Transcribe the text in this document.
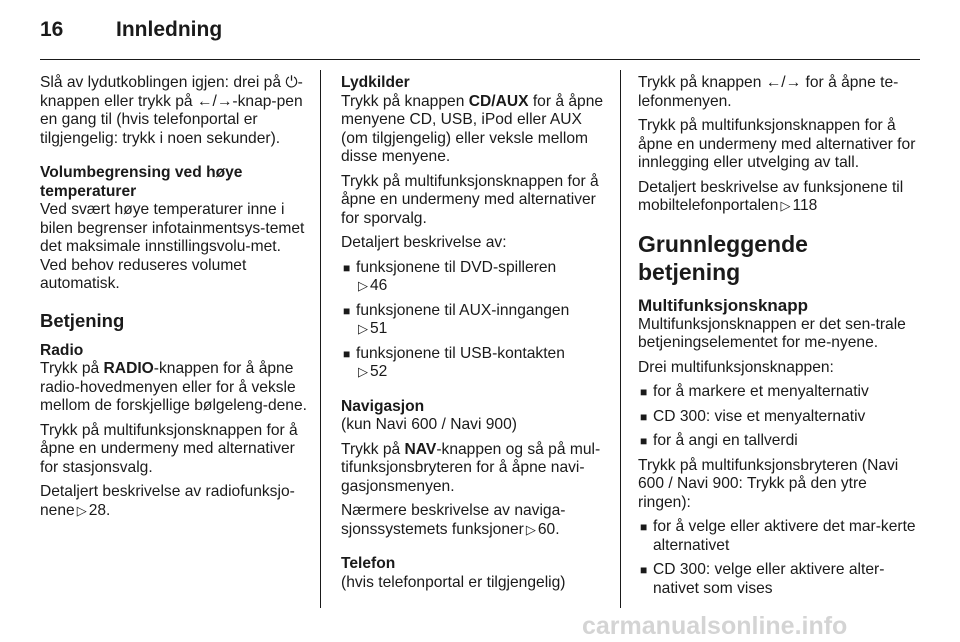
16	Innledning

Slå av lydutkoblingen igjen: drei på ⏻-knappen eller trykk på ←/→-knap-pen en gang til (hvis telefonportal er tilgjengelig: trykk i noen sekunder).

Volumbegrensing ved høye temperaturer

Ved svært høye temperaturer inne i bilen begrenser infotainmentsys-temet det maksimale innstillingsvolu-met. Ved behov reduseres volumet automatisk.

Betjening
Radio

Trykk på RADIO-knappen for å åpne radio-hovedmenyen eller for å veksle mellom de forskjellige bølgeleng-dene.

Trykk på multifunksjonsknappen for å åpne en undermeny med alternativer for stasjonsvalg.

Detaljert beskrivelse av radiofunksjo-nene ▷ 28.

Lydkilder

Trykk på knappen CD/AUX for å åpne menyene CD, USB, iPod eller AUX (om tilgjengelig) eller veksle mellom disse menyene.

Trykk på multifunksjonsknappen for å åpne en undermeny med alternativer for sporvalg.

Detaljert beskrivelse av:

■ funksjonene til DVD-spilleren
▷ 46
■ funksjonene til AUX-inngangen
▷ 51
■ funksjonene til USB-kontakten
▷ 52
Navigasjon

(kun Navi 600 / Navi 900)

Trykk på NAV-knappen og så på mul-tifunksjonsbryteren for å åpne navi-gasjonsmenyen.

Nærmere beskrivelse av naviga-sjonssystemets funksjoner ▷ 60.

Telefon

(hvis telefonportal er tilgjengelig)

Trykk på knappen ←/→ for å åpne te-lefonmenyen.

Trykk på multifunksjonsknappen for å åpne en undermeny med alternativer for innlegging eller utvelging av tall.

Detaljert beskrivelse av funksjonene til mobiltelefonportalen ▷ 118

Grunnleggende betjening
Multifunksjonsknapp

Multifunksjonsknappen er det sen-trale betjeningselementet for me-nyene.

Drei multifunksjonsknappen:

■ for å markere et menyalternativ
■ CD 300: vise et menyalternativ
■ for å angi en tallverdi

Trykk på multifunksjonsbryteren (Navi 600 / Navi 900: Trykk på den ytre ringen):

■ for å velge eller aktivere det mar-kerte alternativet
■ CD 300: velge eller aktivere alter-nativet som vises
carmanualsonline.info
